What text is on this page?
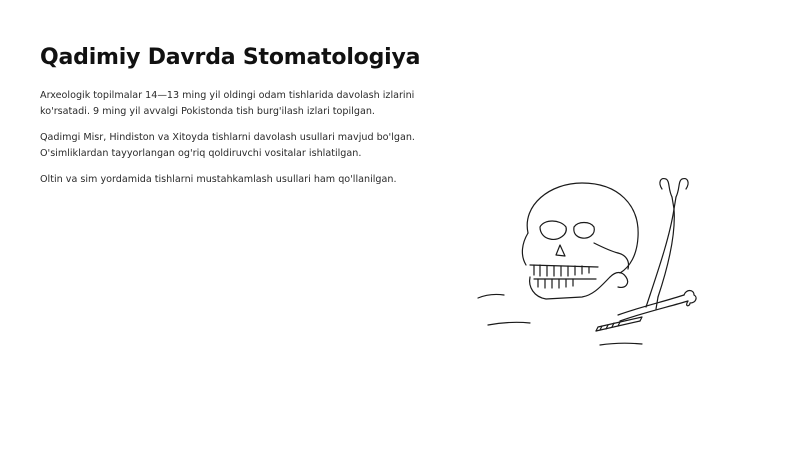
Qadimiy Davrda Stomatologiya

Arxeologik topilmalar 14—13 ming yil oldingi odam tishlarida davolash izlarini
ko'rsatadi. 9 ming yil avvalgi Pokistonda tish burg'ilash izlari topilgan.

Qadimgi Misr, Hindiston va Xitoyda tishlarni davolash usullari mavjud bo'lgan.
O'simliklardan tayyorlangan og'riq qoldiruvchi vositalar ishlatilgan.

Oltin va sim yordamida tishlarni mustahkamlash usullari ham qo'llanilgan.
